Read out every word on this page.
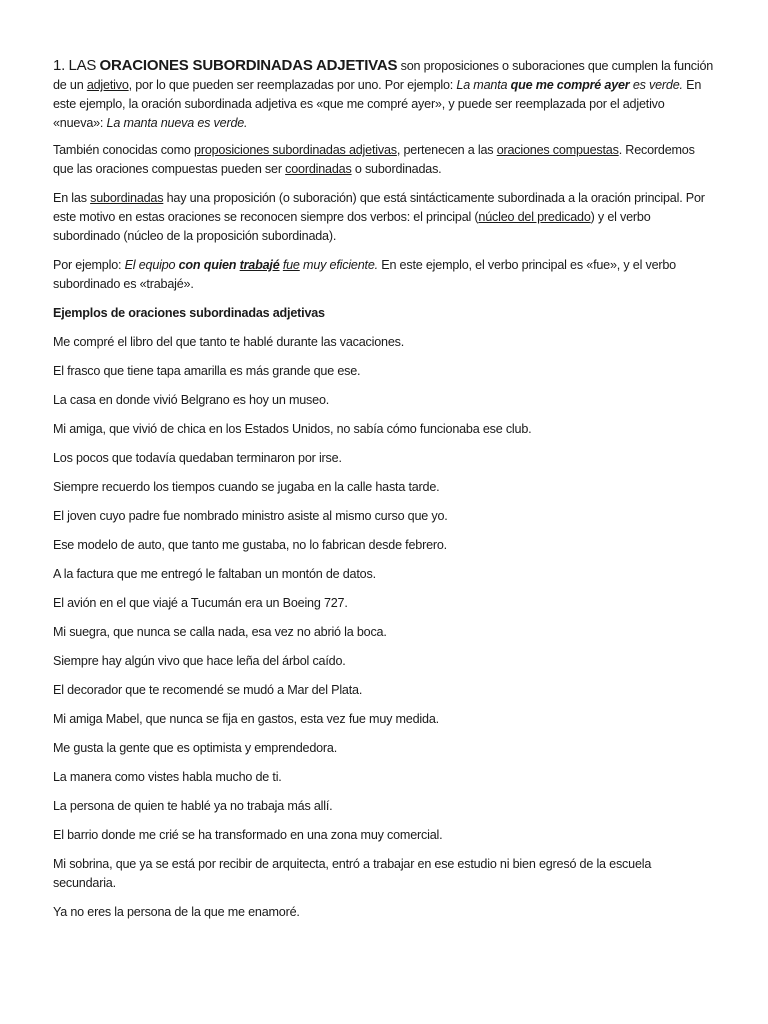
1. LAS ORACIONES SUBORDINADAS ADJETIVAS son proposiciones o suboraciones que cumplen la función de un adjetivo, por lo que pueden ser reemplazadas por uno. Por ejemplo: La manta que me compré ayer es verde. En este ejemplo, la oración subordinada adjetiva es «que me compré ayer», y puede ser reemplazada por el adjetivo «nueva»: La manta nueva es verde.

También conocidas como proposiciones subordinadas adjetivas, pertenecen a las oraciones compuestas. Recordemos que las oraciones compuestas pueden ser coordinadas o subordinadas.

En las subordinadas hay una proposición (o suboración) que está sintácticamente subordinada a la oración principal. Por este motivo en estas oraciones se reconocen siempre dos verbos: el principal (núcleo del predicado) y el verbo subordinado (núcleo de la proposición subordinada).

Por ejemplo: El equipo con quien trabajé fue muy eficiente. En este ejemplo, el verbo principal es «fue», y el verbo subordinado es «trabajé».

Ejemplos de oraciones subordinadas adjetivas

Me compré el libro del que tanto te hablé durante las vacaciones.

El frasco que tiene tapa amarilla es más grande que ese.

La casa en donde vivió Belgrano es hoy un museo.

Mi amiga, que vivió de chica en los Estados Unidos, no sabía cómo funcionaba ese club.

Los pocos que todavía quedaban terminaron por irse.

Siempre recuerdo los tiempos cuando se jugaba en la calle hasta tarde.

El joven cuyo padre fue nombrado ministro asiste al mismo curso que yo.

Ese modelo de auto, que tanto me gustaba, no lo fabrican desde febrero.

A la factura que me entregó le faltaban un montón de datos.

El avión en el que viajé a Tucumán era un Boeing 727.

Mi suegra, que nunca se calla nada, esa vez no abrió la boca.

Siempre hay algún vivo que hace leña del árbol caído.

El decorador que te recomendé se mudó a Mar del Plata.

Mi amiga Mabel, que nunca se fija en gastos, esta vez fue muy medida.

Me gusta la gente que es optimista y emprendedora.

La manera como vistes habla mucho de ti.

La persona de quien te hablé ya no trabaja más allí.

El barrio donde me crié se ha transformado en una zona muy comercial.

Mi sobrina, que ya se está por recibir de arquitecta, entró a trabajar en ese estudio ni bien egresó de la escuela secundaria.

Ya no eres la persona de la que me enamoré.
